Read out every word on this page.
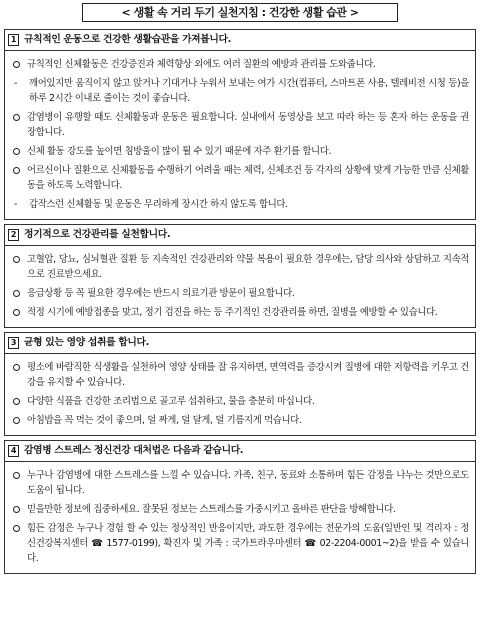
< 생활 속 거리 두기 실천지침 : 건강한 생활 습관 >
1 규칙적인 운동으로 건강한 생활습관을 가져봅니다.
규칙적인 신체활동은 건강증진과 체력향상 외에도 여러 질환의 예방과 관리를 도와줍니다.
- 깨어있지만 움직이지 않고 앉거나 기대거나 누워서 보내는 여가 시간(컴퓨터, 스마트폰 사용, 텔레비전 시청 등)을 하루 2시간 이내로 줄이는 것이 좋습니다.
감염병이 유행할 때도 신체활동과 운동은 필요합니다. 실내에서 동영상을 보고 따라 하는 등 혼자 하는 운동을 권장합니다.
신체 활동 강도를 높이면 침방울이 많이 튈 수 있기 때문에 자주 환기를 합니다.
어르신이나 질환으로 신체활동을 수행하기 어려울 때는 체력, 신체조건 등 각자의 상황에 맞게 가능한 만큼 신체활동을 하도록 노력합니다.
- 갑작스런 신체활동 및 운동은 무리하게 장시간 하지 않도록 합니다.
2 정기적으로 건강관리를 실천합니다.
고혈압, 당뇨, 심뇌혈관 질환 등 지속적인 건강관리와 약물 복용이 필요한 경우에는, 담당 의사와 상담하고 지속적으로 진료받으세요.
응급상황 등 꼭 필요한 경우에는 반드시 의료기관 방문이 필요합니다.
적정 시기에 예방접종을 맞고, 정기 검진을 하는 등 주기적인 건강관리를 하면, 질병을 예방할 수 있습니다.
3 균형 있는 영양 섭취를 합니다.
평소에 바람직한 식생활을 실천하여 영양 상태를 잘 유지하면, 면역력을 증강시켜 질병에 대한 저항력을 키우고 건강을 유지할 수 있습니다.
다양한 식품을 건강한 조리법으로 골고루 섭취하고, 물을 충분히 마십니다.
아침밥을 꼭 먹는 것이 좋으며, 덜 짜게, 덜 달게, 덜 기름지게 먹습니다.
4 감염병 스트레스 정신건강 대처법은 다음과 같습니다.
누구나 감염병에 대한 스트레스를 느낄 수 있습니다. 가족, 친구, 동료와 소통하며 힘든 감정을 나누는 것만으로도 도움이 됩니다.
믿을만한 정보에 집중하세요. 잘못된 정보는 스트레스를 가중시키고 올바른 판단을 방해합니다.
힘든 감정은 누구나 경험 할 수 있는 정상적인 반응이지만, 과도한 경우에는 전문가의 도움(일반인 및 격리자 : 정신건강복지센터 ☎ 1577-0199), 확진자 및 가족 : 국가트라우마센터 ☎ 02-2204-0001~2)을 받을 수 있습니다.
